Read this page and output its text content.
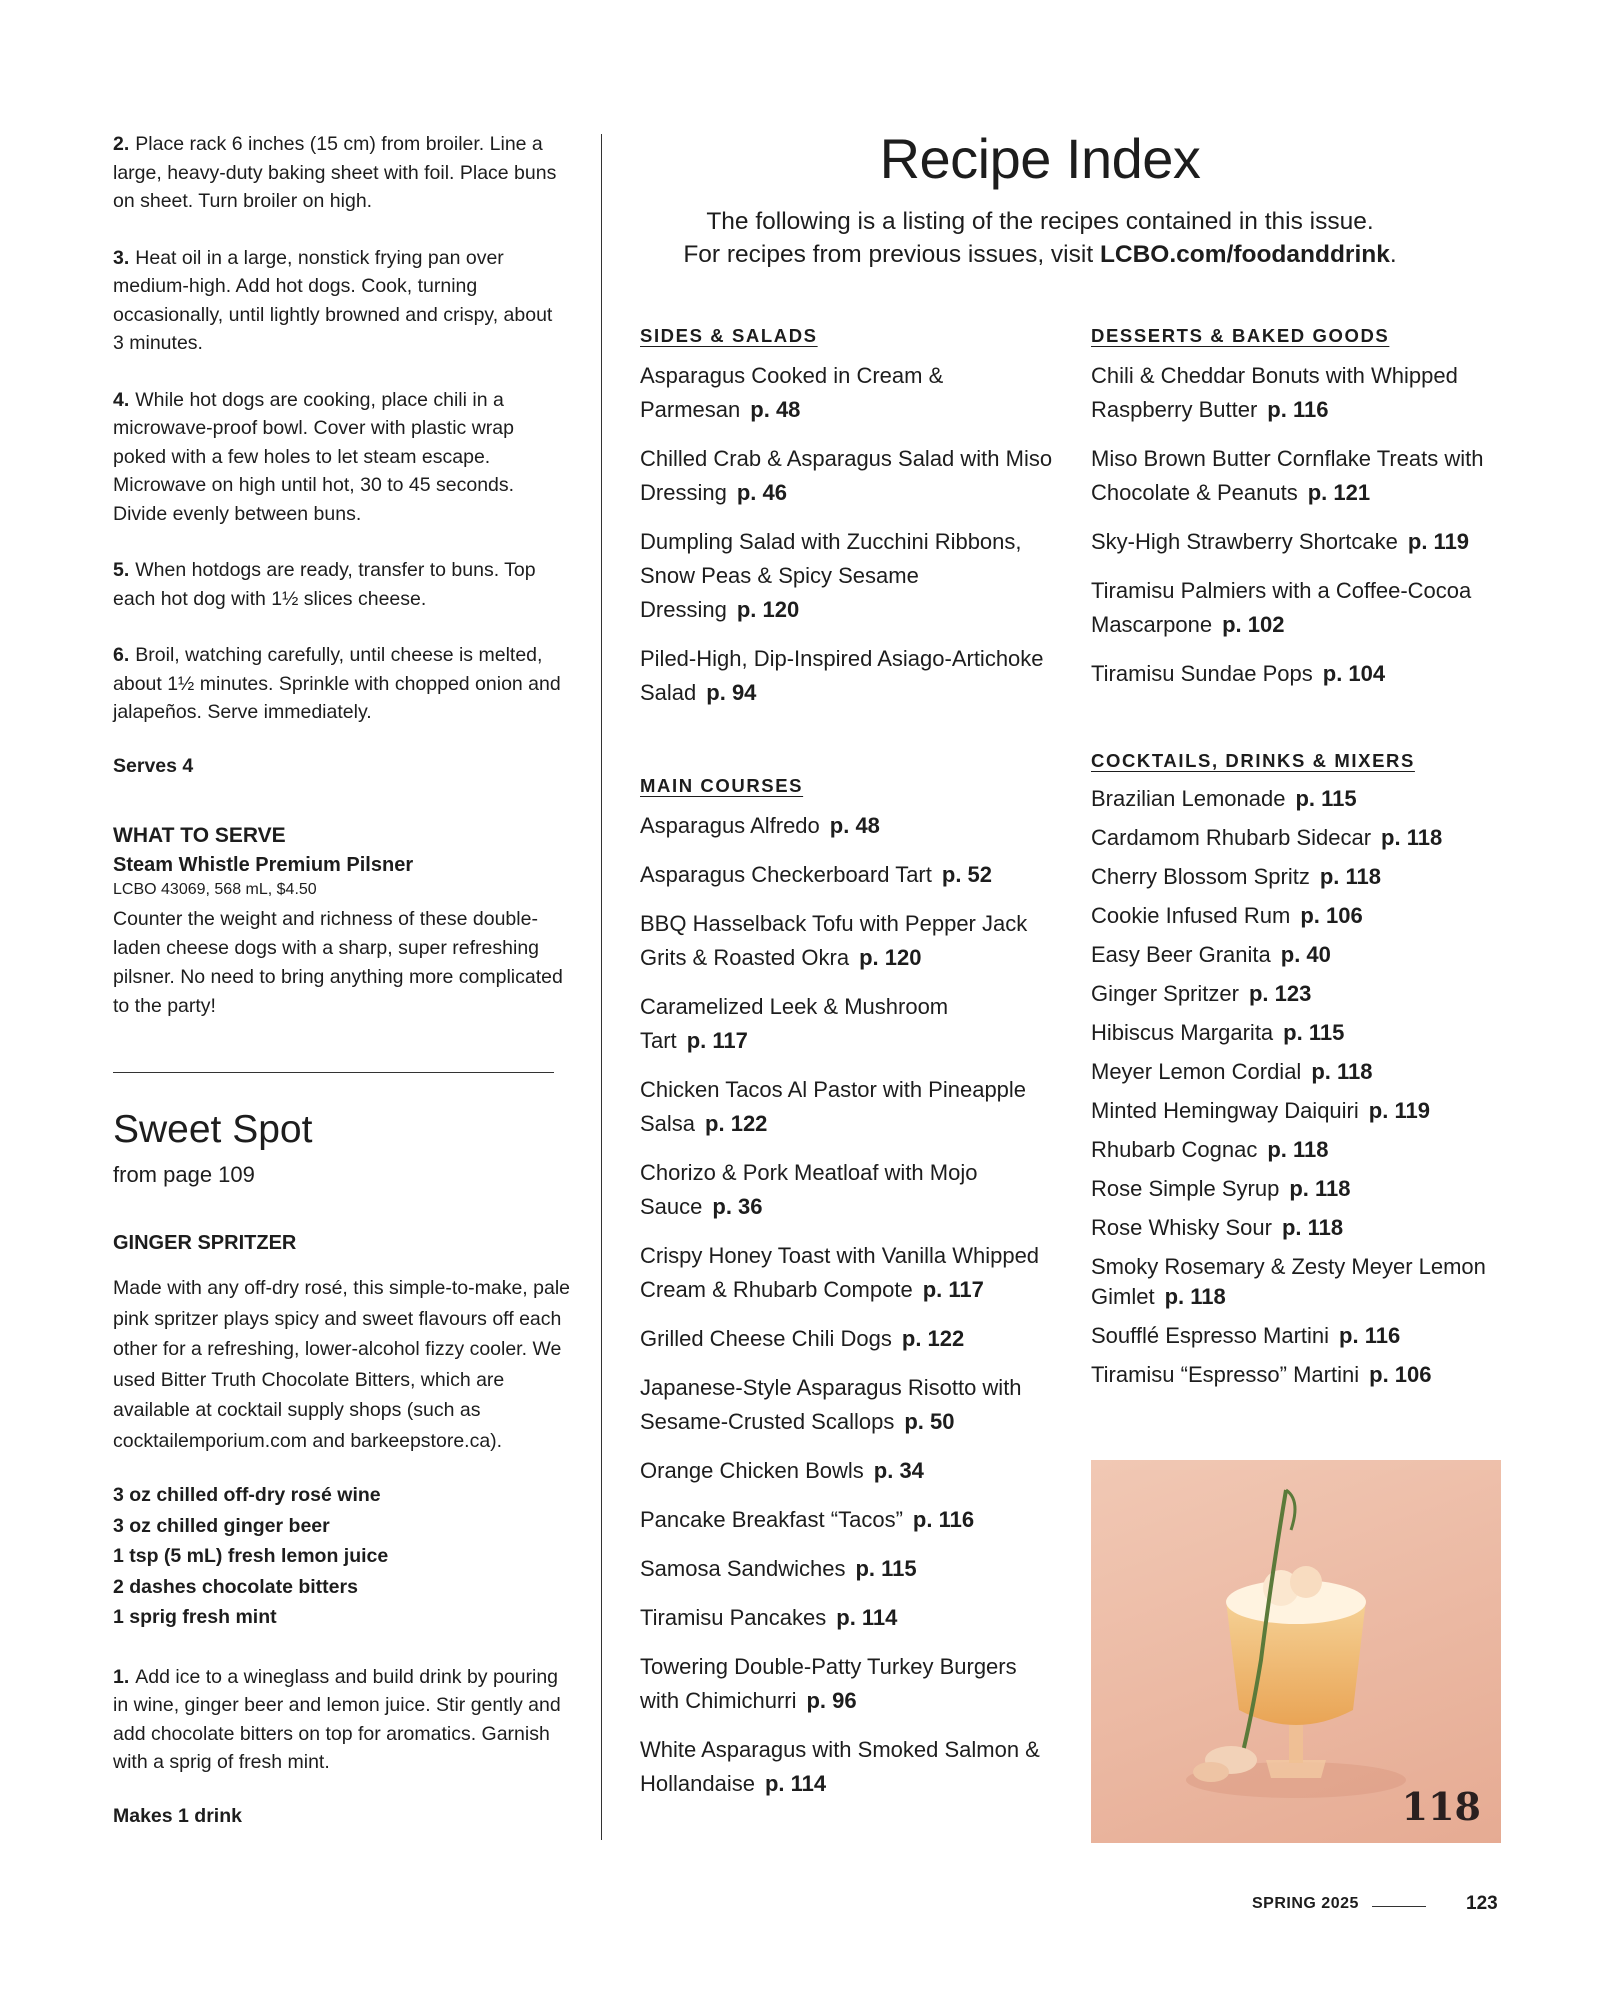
2. Place rack 6 inches (15 cm) from broiler. Line a large, heavy-duty baking sheet with foil. Place buns on sheet. Turn broiler on high.

3. Heat oil in a large, nonstick frying pan over medium-high. Add hot dogs. Cook, turning occasionally, until lightly browned and crispy, about 3 minutes.

4. While hot dogs are cooking, place chili in a microwave-proof bowl. Cover with plastic wrap poked with a few holes to let steam escape. Microwave on high until hot, 30 to 45 seconds. Divide evenly between buns.

5. When hotdogs are ready, transfer to buns. Top each hot dog with 1½ slices cheese.

6. Broil, watching carefully, until cheese is melted, about 1½ minutes. Sprinkle with chopped onion and jalapeños. Serve immediately.

Serves 4

WHAT TO SERVE

Steam Whistle Premium Pilsner

LCBO 43069, 568 mL, $4.50

Counter the weight and richness of these double-laden cheese dogs with a sharp, super refreshing pilsner. No need to bring anything more complicated to the party!

Sweet Spot

from page 109

GINGER SPRITZER

Made with any off-dry rosé, this simple-to-make, pale pink spritzer plays spicy and sweet flavours off each other for a refreshing, lower-alcohol fizzy cooler. We used Bitter Truth Chocolate Bitters, which are available at cocktail supply shops (such as cocktailemporium.com and barkeepstore.ca).

3 oz chilled off-dry rosé wine
3 oz chilled ginger beer
1 tsp (5 mL) fresh lemon juice
2 dashes chocolate bitters
1 sprig fresh mint

1. Add ice to a wineglass and build drink by pouring in wine, ginger beer and lemon juice. Stir gently and add chocolate bitters on top for aromatics. Garnish with a sprig of fresh mint.

Makes 1 drink

Recipe Index

The following is a listing of the recipes contained in this issue.
For recipes from previous issues, visit LCBO.com/foodanddrink.

SIDES & SALADS

Asparagus Cooked in Cream & Parmesan p. 48

Chilled Crab & Asparagus Salad with Miso Dressing p. 46

Dumpling Salad with Zucchini Ribbons, Snow Peas & Spicy Sesame Dressing p. 120

Piled-High, Dip-Inspired Asiago-Artichoke Salad p. 94

MAIN COURSES

Asparagus Alfredo p. 48

Asparagus Checkerboard Tart p. 52

BBQ Hasselback Tofu with Pepper Jack Grits & Roasted Okra p. 120

Caramelized Leek & Mushroom Tart p. 117

Chicken Tacos Al Pastor with Pineapple Salsa p. 122

Chorizo & Pork Meatloaf with Mojo Sauce p. 36

Crispy Honey Toast with Vanilla Whipped Cream & Rhubarb Compote p. 117

Grilled Cheese Chili Dogs p. 122

Japanese-Style Asparagus Risotto with Sesame-Crusted Scallops p. 50

Orange Chicken Bowls p. 34

Pancake Breakfast “Tacos” p. 116

Samosa Sandwiches p. 115

Tiramisu Pancakes p. 114

Towering Double-Patty Turkey Burgers with Chimichurri p. 96

White Asparagus with Smoked Salmon & Hollandaise p. 114

DESSERTS & BAKED GOODS

Chili & Cheddar Bonuts with Whipped Raspberry Butter p. 116

Miso Brown Butter Cornflake Treats with Chocolate & Peanuts p. 121

Sky-High Strawberry Shortcake p. 119

Tiramisu Palmiers with a Coffee-Cocoa Mascarpone p. 102

Tiramisu Sundae Pops p. 104

COCKTAILS, DRINKS & MIXERS

Brazilian Lemonade p. 115

Cardamom Rhubarb Sidecar p. 118

Cherry Blossom Spritz p. 118

Cookie Infused Rum p. 106

Easy Beer Granita p. 40

Ginger Spritzer p. 123

Hibiscus Margarita p. 115

Meyer Lemon Cordial p. 118

Minted Hemingway Daiquiri p. 119

Rhubarb Cognac p. 118

Rose Simple Syrup p. 118

Rose Whisky Sour p. 118

Smoky Rosemary & Zesty Meyer Lemon Gimlet p. 118

Soufflé Espresso Martini p. 116

Tiramisu “Espresso” Martini p. 106

118
SPRING 2025	123
